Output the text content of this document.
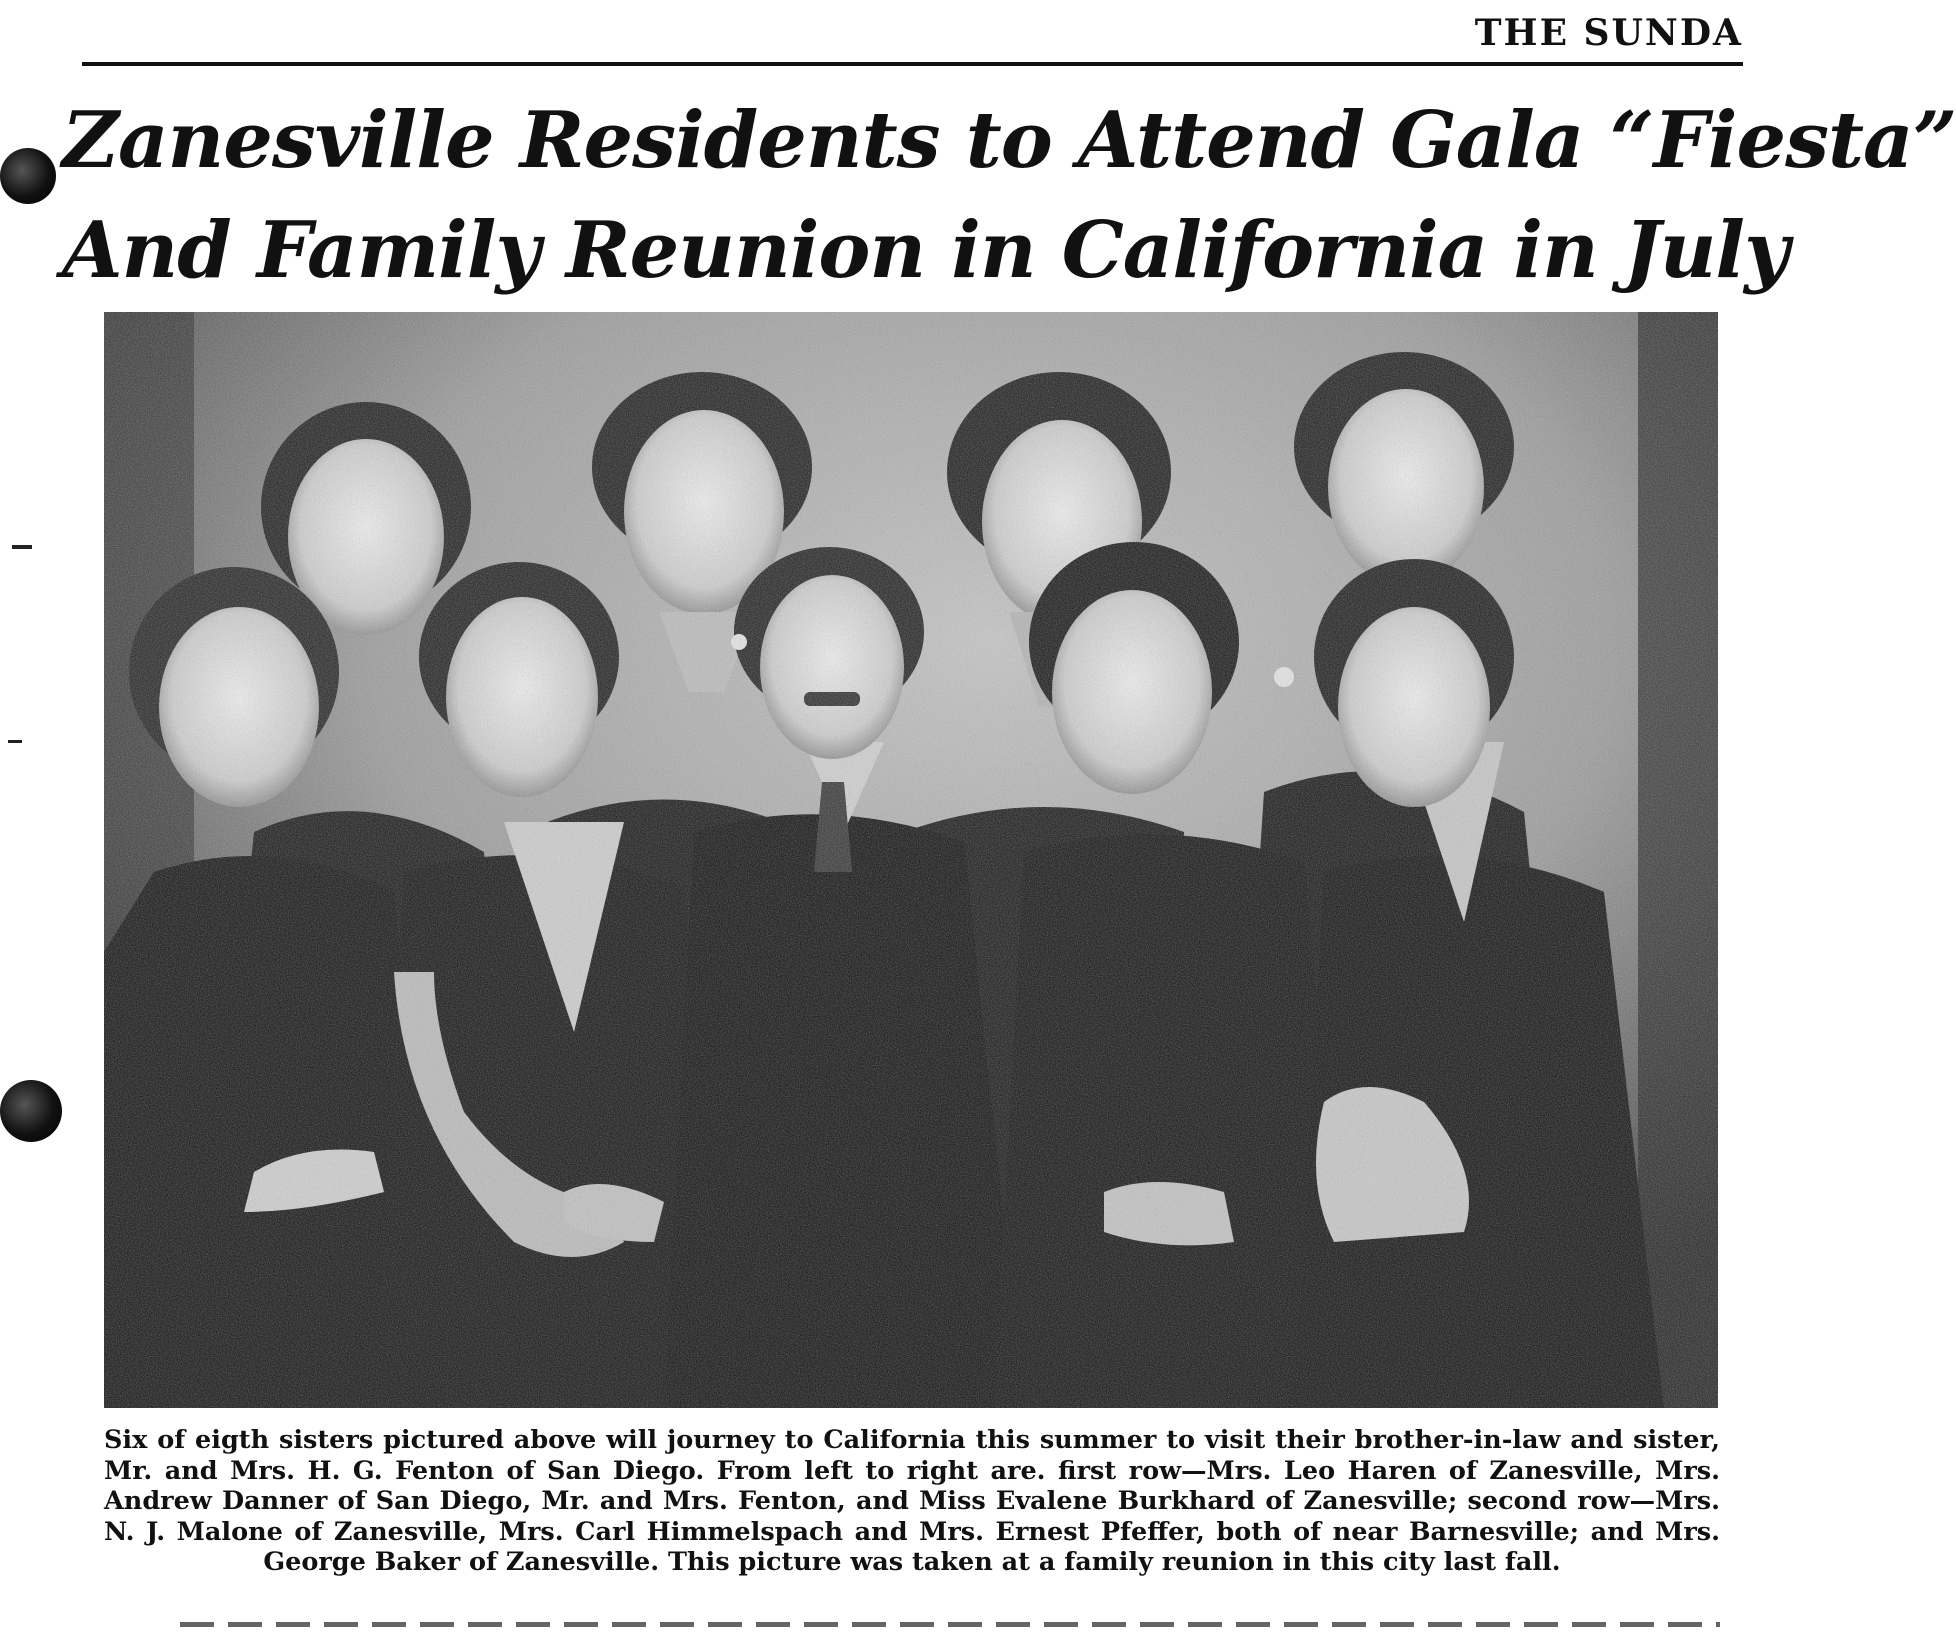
THE SUNDA
Zanesville Residents to Attend Gala “Fiesta”
And Family Reunion in California in July

Six of eigth sisters pictured above will journey to California this summer to visit their brother-in-law and sister, Mr. and Mrs. H. G. Fenton of San Diego. From left to right are. first row—Mrs. Leo Haren of Zanesville, Mrs. Andrew Danner of San Diego, Mr. and Mrs. Fenton, and Miss Evalene Burkhard of Zanesville; second row—Mrs. N. J. Malone of Zanesville, Mrs. Carl Himmelspach and Mrs. Ernest Pfeffer, both of near Barnesville; and Mrs. George Baker of Zanesville. This picture was taken at a family reunion in this city last fall.
